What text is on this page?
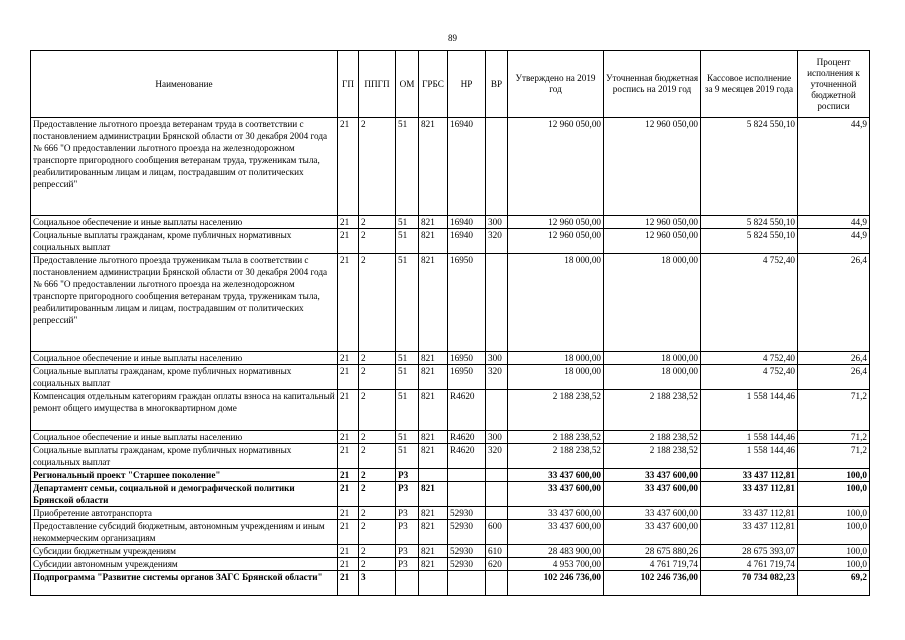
89
Наименование	ГП	ППГП	ОМ	ГРБС	НР	ВР	Утверждено на 2019 год	Уточненная бюджетная роспись на 2019 год	Кассовое исполнение за 9 месяцев 2019 года	Процент исполнения к уточненной бюджетной росписи
Предоставление льготного проезда ветеранам труда в соответствии с постановлением администрации Брянской области от 30 декабря 2004 года № 666 "О предоставлении льготного проезда на железнодорожном транспорте пригородного сообщения ветеранам труда, труженикам тыла, реабилитированным лицам и лицам, пострадавшим от политических репрессий"	21	2	51	821	16940		12 960 050,00	12 960 050,00	5 824 550,10	44,9
Социальное обеспечение и иные выплаты населению	21	2	51	821	16940	300	12 960 050,00	12 960 050,00	5 824 550,10	44,9
Социальные выплаты гражданам, кроме публичных нормативных социальных выплат	21	2	51	821	16940	320	12 960 050,00	12 960 050,00	5 824 550,10	44,9
Предоставление льготного проезда труженикам тыла в соответствии с постановлением администрации Брянской области от 30 декабря 2004 года № 666 "О предоставлении льготного проезда на железнодорожном транспорте пригородного сообщения ветеранам труда, труженикам тыла, реабилитированным лицам и лицам, пострадавшим от политических репрессий"	21	2	51	821	16950		18 000,00	18 000,00	4 752,40	26,4
Социальное обеспечение и иные выплаты населению	21	2	51	821	16950	300	18 000,00	18 000,00	4 752,40	26,4
Социальные выплаты гражданам, кроме публичных нормативных социальных выплат	21	2	51	821	16950	320	18 000,00	18 000,00	4 752,40	26,4
Компенсация отдельным категориям граждан оплаты взноса на капитальный ремонт общего имущества в многоквартирном доме	21	2	51	821	R4620		2 188 238,52	2 188 238,52	1 558 144,46	71,2
Социальное обеспечение и иные выплаты населению	21	2	51	821	R4620	300	2 188 238,52	2 188 238,52	1 558 144,46	71,2
Социальные выплаты гражданам, кроме публичных нормативных социальных выплат	21	2	51	821	R4620	320	2 188 238,52	2 188 238,52	1 558 144,46	71,2
Региональный проект "Старшее поколение"	21	2	P3				33 437 600,00	33 437 600,00	33 437 112,81	100,0
Департамент семьи, социальной и демографической политики Брянской области	21	2	P3	821			33 437 600,00	33 437 600,00	33 437 112,81	100,0
Приобретение автотранспорта	21	2	P3	821	52930		33 437 600,00	33 437 600,00	33 437 112,81	100,0
Предоставление субсидий бюджетным, автономным учреждениям и иным некоммерческим организациям	21	2	P3	821	52930	600	33 437 600,00	33 437 600,00	33 437 112,81	100,0
Субсидии бюджетным учреждениям	21	2	P3	821	52930	610	28 483 900,00	28 675 880,26	28 675 393,07	100,0
Субсидии автономным учреждениям	21	2	P3	821	52930	620	4 953 700,00	4 761 719,74	4 761 719,74	100,0
Подпрограмма "Развитие системы органов ЗАГС Брянской области"	21	3					102 246 736,00	102 246 736,00	70 734 082,23	69,2
